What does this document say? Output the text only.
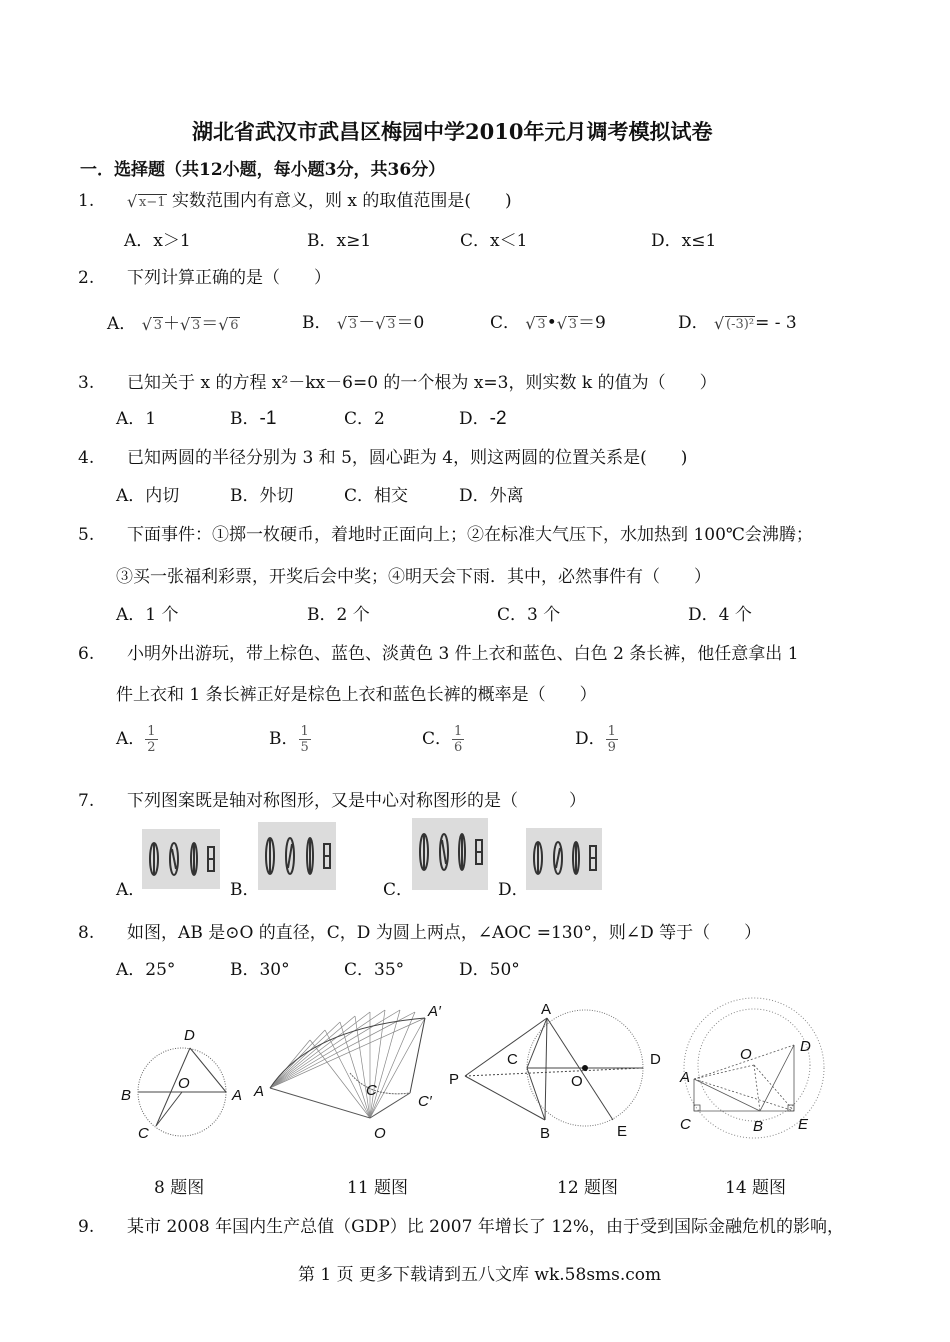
湖北省武汉市武昌区梅园中学2010年元月调考模拟试卷
一．选择题（共12小题，每小题3分，共36分）
1.	√ x−1 实数范围内有意义，则 x 的取值范围是(　　)
A．x＞1	B．x≥1	C．x＜1	D．x≤1
2. 下列计算正确的是（　　）
A． √ 3＋ √ 3＝ √ 6	B． √ 3－ √ 3＝0	C． √ 3• √ 3＝9	D． √ (-3)²= - 3
3. 已知关于 x 的方程 x²－kx－6=0 的一个根为 x=3，则实数 k 的值为（　　）
A．1	B．-1	C．2	D．-2
4. 已知两圆的半径分别为 3 和 5，圆心距为 4，则这两圆的位置关系是(　　)
A．内切	B．外切	C．相交	D．外离
5. 下面事件：①掷一枚硬币，着地时正面向上；②在标准大气压下，水加热到 100℃会沸腾；
③买一张福利彩票，开奖后会中奖；④明天会下雨．其中，必然事件有（　　）
A．1 个	B．2 个	C．3 个	D．4 个
6. 小明外出游玩，带上棕色、蓝色、淡黄色 3 件上衣和蓝色、白色 2 条长裤，他任意拿出 1
件上衣和 1 条长裤正好是棕色上衣和蓝色长裤的概率是（　　）
A． $\frac{1}{2}$	B． $\frac{1}{5}$	C． $\frac{1}{6}$	D． $\frac{1}{9}$
7. 下列图案既是轴对称图形，又是中心对称图形的是（　　　）
A．	B．	C．	D．
8. 如图，AB 是⊙O 的直径，C，D 为圆上两点，∠AOC =130°，则∠D 等于（　　）
A．25°	B．30°	C．35°	D．50°
D
B
O
A
C
8 题图
A′
A	C
C′
O
11 题图
A
C	D
P	O
B	E
12 题图
D
O
A
C	B E
14 题图
9. 某市 2008 年国内生产总值（GDP）比 2007 年增长了 12%，由于受到国际金融危机的影响，
第 1 页 更多下载请到五八文库 wk.58sms.com
